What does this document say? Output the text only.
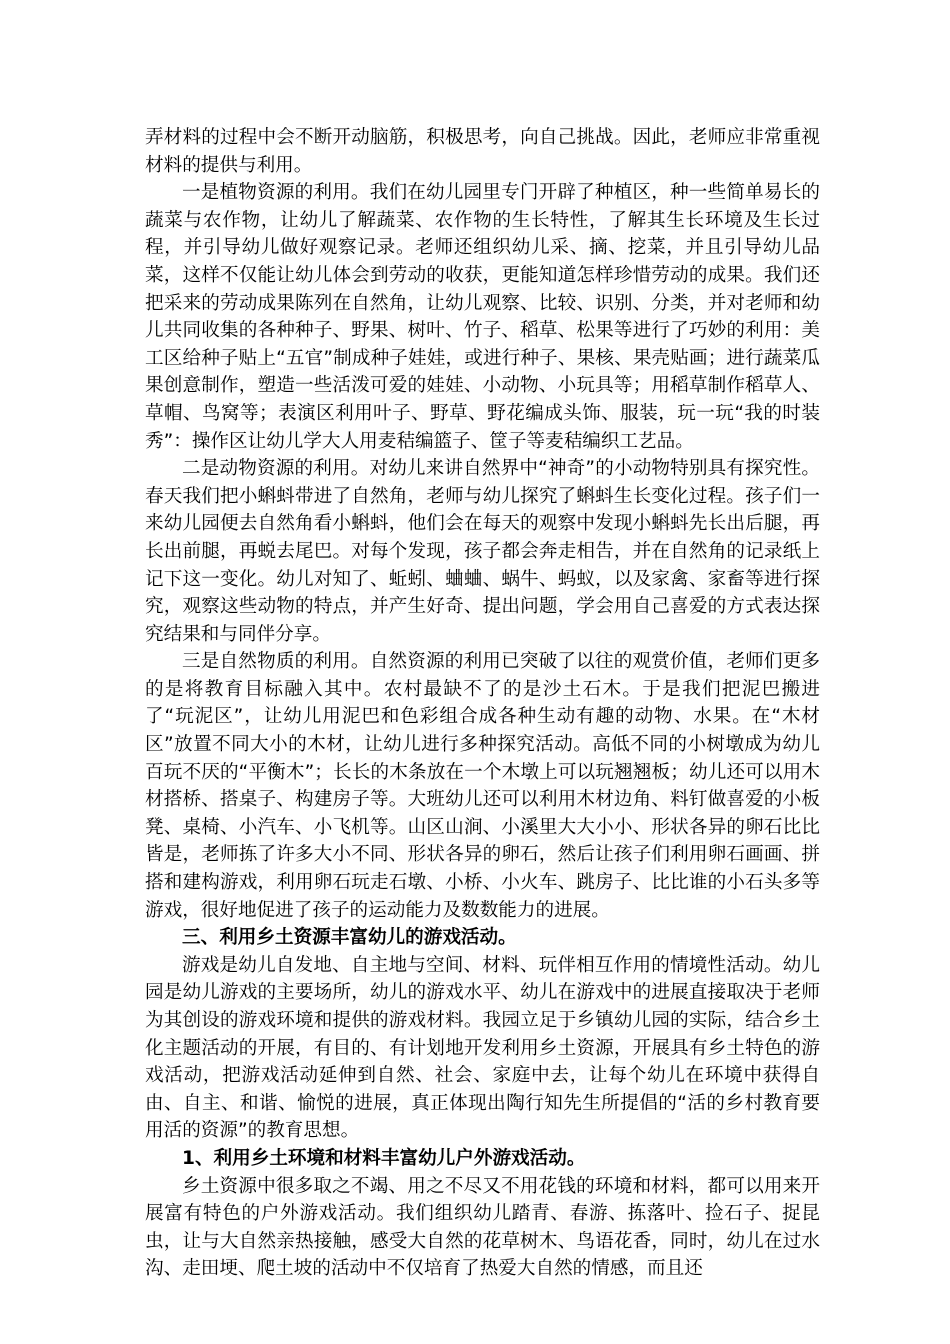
弄材料的过程中会不断开动脑筋，积极思考，向自己挑战。因此，老师应非常重视材料的提供与利用。

一是植物资源的利用。我们在幼儿园里专门开辟了种植区，种一些简单易长的蔬菜与农作物，让幼儿了解蔬菜、农作物的生长特性，了解其生长环境及生长过程，并引导幼儿做好观察记录。老师还组织幼儿采、摘、挖菜，并且引导幼儿品菜，这样不仅能让幼儿体会到劳动的收获，更能知道怎样珍惜劳动的成果。我们还把采来的劳动成果陈列在自然角，让幼儿观察、比较、识别、分类，并对老师和幼儿共同收集的各种种子、野果、树叶、竹子、稻草、松果等进行了巧妙的利用：美工区给种子贴上“五官”制成种子娃娃，或进行种子、果核、果壳贴画；进行蔬菜瓜果创意制作，塑造一些活泼可爱的娃娃、小动物、小玩具等；用稻草制作稻草人、草帽、鸟窝等；表演区利用叶子、野草、野花编成头饰、服装，玩一玩“我的时装秀”：操作区让幼儿学大人用麦秸编篮子、筐子等麦秸编织工艺品。

二是动物资源的利用。对幼儿来讲自然界中“神奇”的小动物特别具有探究性。春天我们把小蝌蚪带进了自然角，老师与幼儿探究了蝌蚪生长变化过程。孩子们一来幼儿园便去自然角看小蝌蚪，他们会在每天的观察中发现小蝌蚪先长出后腿，再长出前腿，再蜕去尾巴。对每个发现，孩子都会奔走相告，并在自然角的记录纸上记下这一变化。幼儿对知了、蚯蚓、蛐蛐、蜗牛、蚂蚁，以及家禽、家畜等进行探究，观察这些动物的特点，并产生好奇、提出问题，学会用自己喜爱的方式表达探究结果和与同伴分享。

三是自然物质的利用。自然资源的利用已突破了以往的观赏价值，老师们更多的是将教育目标融入其中。农村最缺不了的是沙土石木。于是我们把泥巴搬进了“玩泥区”，让幼儿用泥巴和色彩组合成各种生动有趣的动物、水果。在“木材区”放置不同大小的木材，让幼儿进行多种探究活动。高低不同的小树墩成为幼儿百玩不厌的“平衡木”；长长的木条放在一个木墩上可以玩翘翘板；幼儿还可以用木材搭桥、搭桌子、构建房子等。大班幼儿还可以利用木材边角、料钉做喜爱的小板凳、桌椅、小汽车、小飞机等。山区山涧、小溪里大大小小、形状各异的卵石比比皆是，老师拣了许多大小不同、形状各异的卵石，然后让孩子们利用卵石画画、拼搭和建构游戏，利用卵石玩走石墩、小桥、小火车、跳房子、比比谁的小石头多等游戏，很好地促进了孩子的运动能力及数数能力的进展。

三、利用乡土资源丰富幼儿的游戏活动。

游戏是幼儿自发地、自主地与空间、材料、玩伴相互作用的情境性活动。幼儿园是幼儿游戏的主要场所，幼儿的游戏水平、幼儿在游戏中的进展直接取决于老师为其创设的游戏环境和提供的游戏材料。我园立足于乡镇幼儿园的实际，结合乡土化主题活动的开展，有目的、有计划地开发利用乡土资源，开展具有乡土特色的游戏活动，把游戏活动延伸到自然、社会、家庭中去，让每个幼儿在环境中获得自由、自主、和谐、愉悦的进展，真正体现出陶行知先生所提倡的“活的乡村教育要用活的资源”的教育思想。

1、利用乡土环境和材料丰富幼儿户外游戏活动。

乡土资源中很多取之不竭、用之不尽又不用花钱的环境和材料，都可以用来开展富有特色的户外游戏活动。我们组织幼儿踏青、春游、拣落叶、捡石子、捉昆虫，让与大自然亲热接触，感受大自然的花草树木、鸟语花香，同时，幼儿在过水沟、走田埂、爬土坡的活动中不仅培育了热爱大自然的情感，而且还
